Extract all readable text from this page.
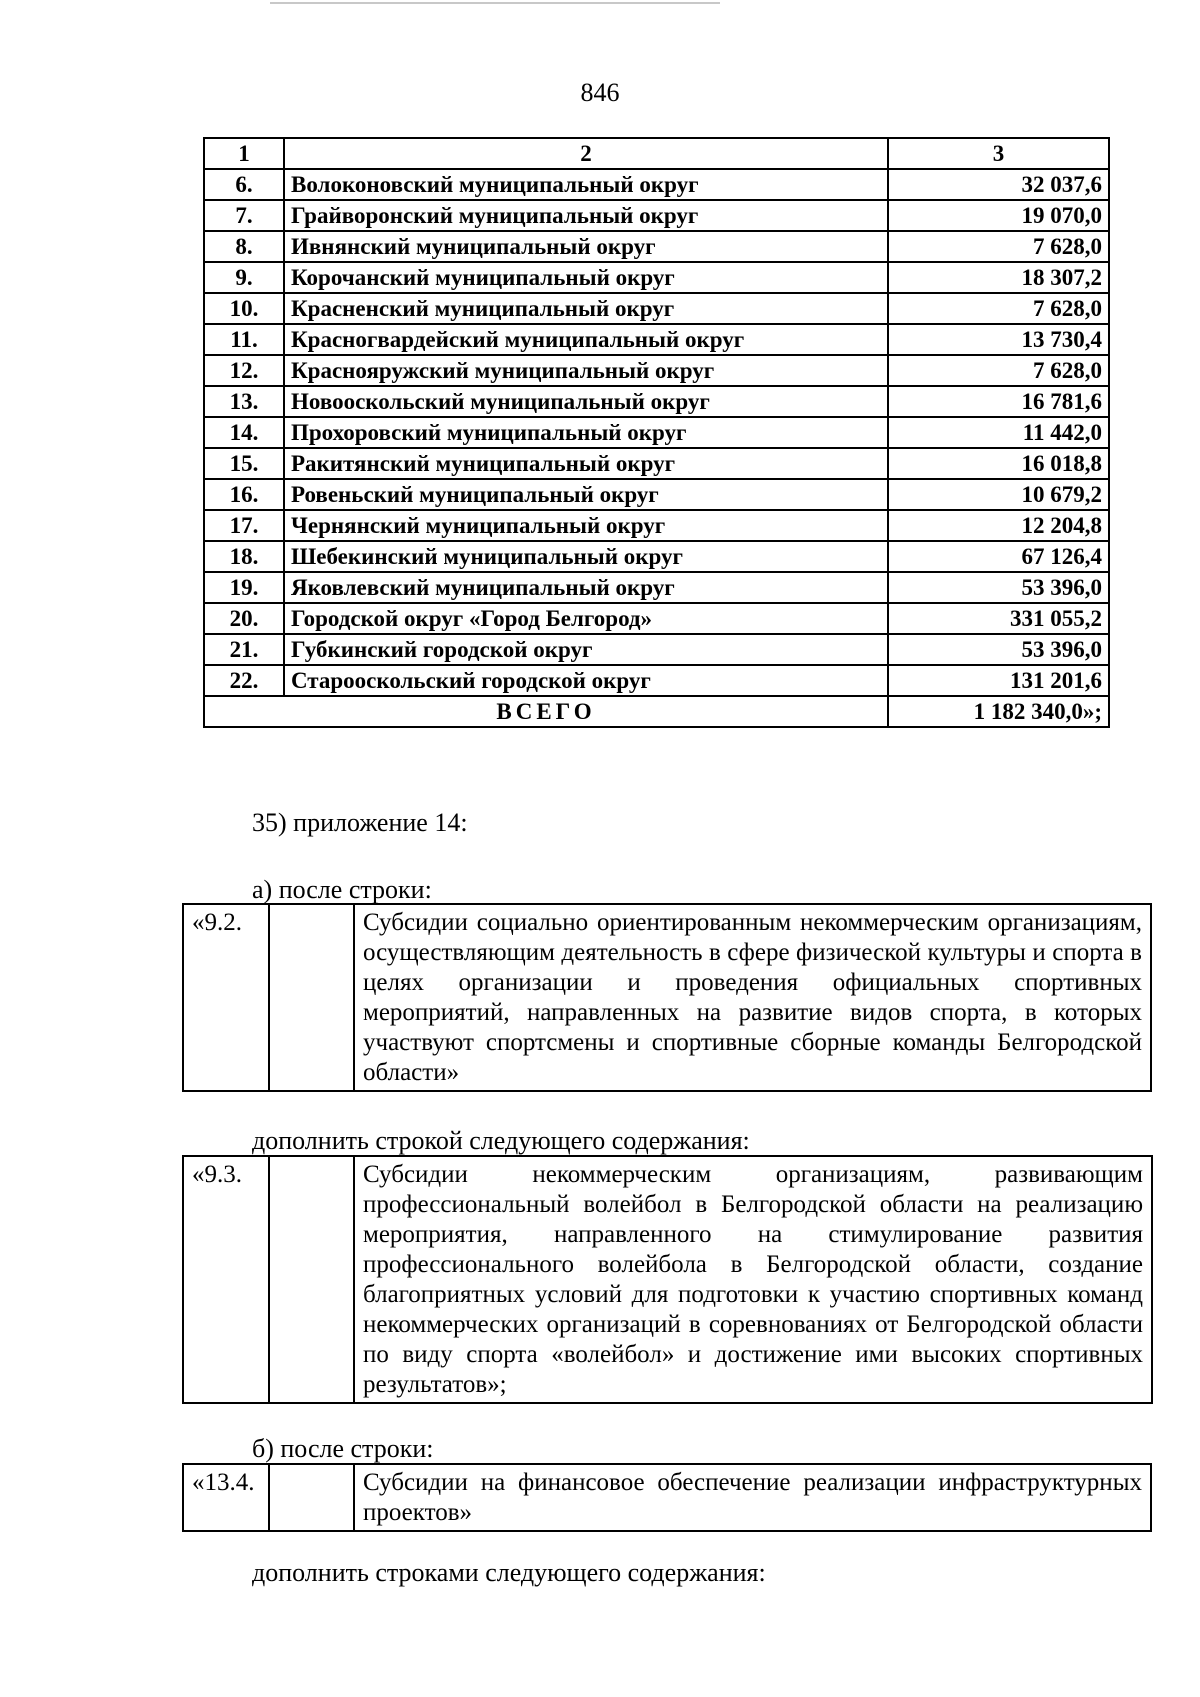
846
1	2	3
6.	Волоконовский муниципальный округ	32 037,6
7.	Грайворонский муниципальный округ	19 070,0
8.	Ивнянский муниципальный округ	7 628,0
9.	Корочанский муниципальный округ	18 307,2
10.	Красненский муниципальный округ	7 628,0
11.	Красногвардейский муниципальный округ	13 730,4
12.	Краснояружский муниципальный округ	7 628,0
13.	Новооскольский муниципальный округ	16 781,6
14.	Прохоровский муниципальный округ	11 442,0
15.	Ракитянский муниципальный округ	16 018,8
16.	Ровеньский муниципальный округ	10 679,2
17.	Чернянский муниципальный округ	12 204,8
18.	Шебекинский муниципальный округ	67 126,4
19.	Яковлевский муниципальный округ	53 396,0
20.	Городской округ «Город Белгород»	331 055,2
21.	Губкинский городской округ	53 396,0
22.	Старооскольский городской округ	131 201,6
ВСЕГО		1 182 340,0»;
35) приложение 14:
а) после строки:
«9.2.		Субсидии социально ориентированным некоммерческим организациям, осуществляющим деятельность в сфере физической культуры и спорта в целях организации и проведения официальных спортивных мероприятий, направленных на развитие видов спорта, в которых участвуют спортсмены и спортивные сборные команды Белгородской области»
дополнить строкой следующего содержания:
«9.3.		Субсидии некоммерческим организациям, развивающим профессиональный волейбол в Белгородской области на реализацию мероприятия, направленного на стимулирование развития профессионального волейбола в Белгородской области, создание благоприятных условий для подготовки к участию спортивных команд некоммерческих организаций в соревнованиях от Белгородской области по виду спорта «волейбол» и достижение ими высоких спортивных результатов»;
б) после строки:
«13.4.		Субсидии на финансовое обеспечение реализации инфраструктурных проектов»
дополнить строками следующего содержания:
